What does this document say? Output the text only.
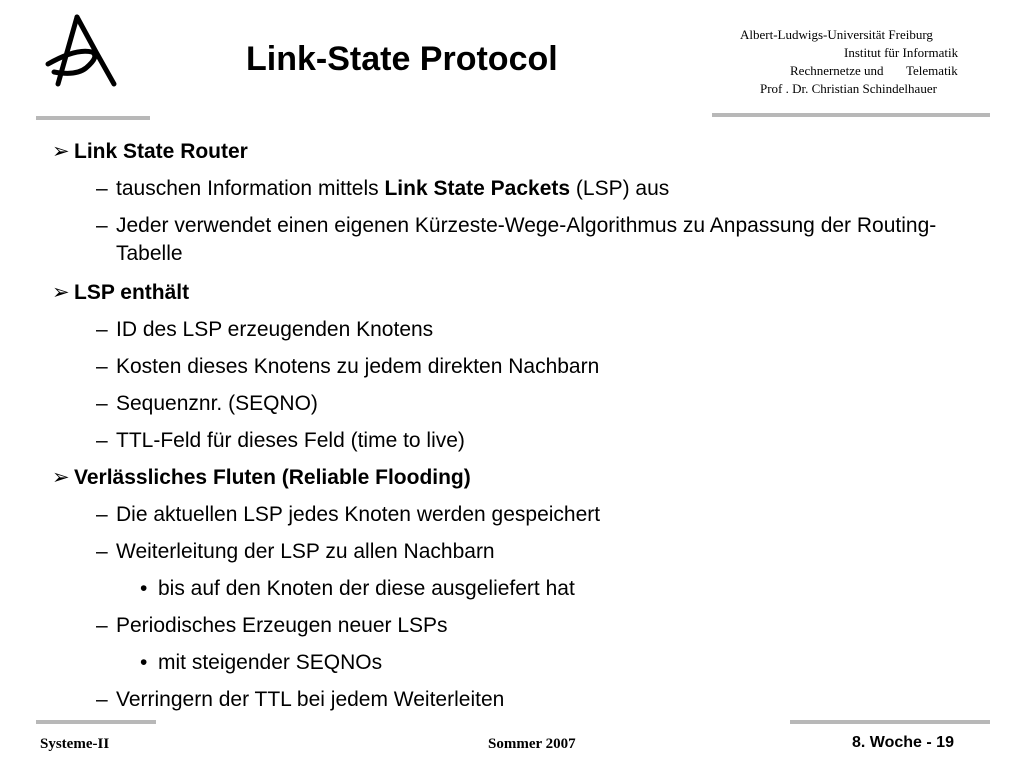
Link-State Protocol
Albert-Ludwigs-Universität Freiburg
Institut für Informatik
Rechnernetze und       Telematik
Prof . Dr. Christian Schindelhauer
➢ Link State Router
– tauschen Information mittels Link State Packets (LSP) aus
– Jeder verwendet einen eigenen Kürzeste-Wege-Algorithmus zu Anpassung der Routing-Tabelle
➢ LSP enthält
– ID des LSP erzeugenden Knotens
– Kosten dieses Knotens zu jedem direkten Nachbarn
– Sequenznr. (SEQNO)
– TTL-Feld für dieses Feld (time to live)
➢ Verlässliches Fluten (Reliable Flooding)
– Die aktuellen LSP jedes Knoten werden gespeichert
– Weiterleitung der LSP zu allen Nachbarn
• bis auf den Knoten der diese ausgeliefert hat
– Periodisches Erzeugen neuer LSPs
• mit steigender SEQNOs
– Verringern der TTL bei jedem Weiterleiten
Systeme-II	Sommer 2007	8. Woche - 19
